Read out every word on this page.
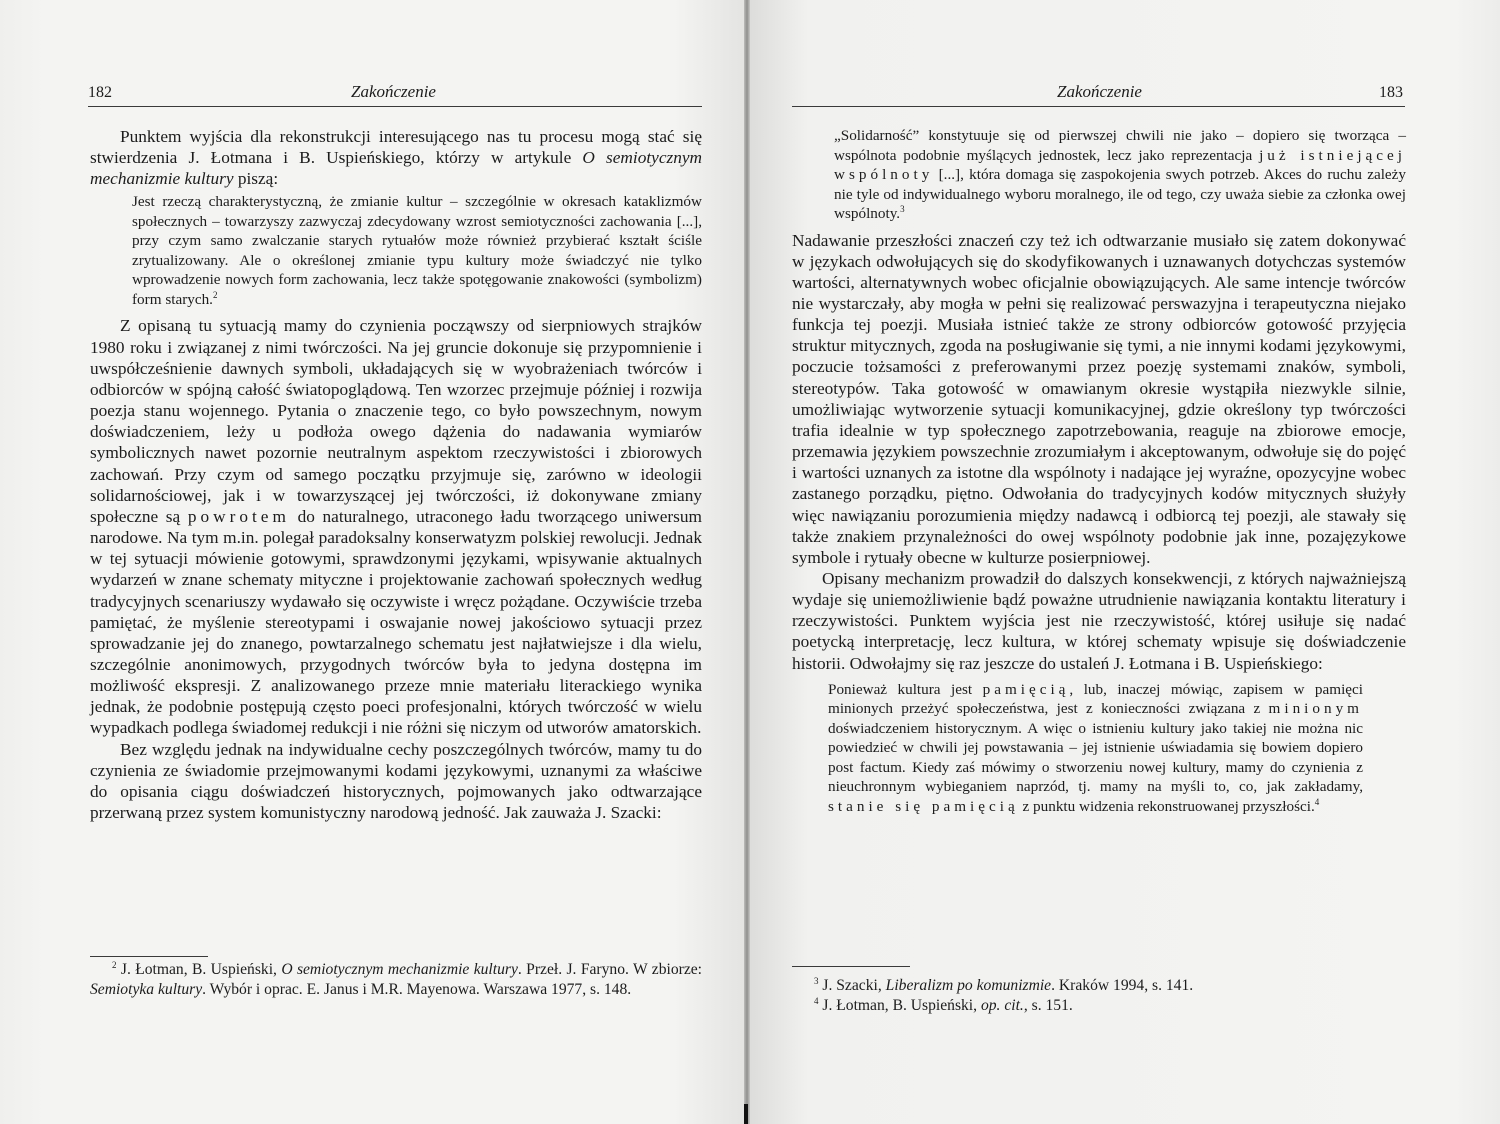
182	Zakończenie

Punktem wyjścia dla rekonstrukcji interesującego nas tu procesu mogą stać się stwierdzenia J. Łotmana i B. Uspieńskiego, którzy w artykule O semiotycznym mechanizmie kultury piszą:

Jest rzeczą charakterystyczną, że zmianie kultur – szczególnie w okresach kataklizmów społecznych – towarzyszy zazwyczaj zdecydowany wzrost semiotyczności zachowania [...], przy czym samo zwalczanie starych rytuałów może również przybierać kształt ściśle zrytualizowany. Ale o określonej zmianie typu kultury może świadczyć nie tylko wprowadzenie nowych form zachowania, lecz także spotęgowanie znakowości (symbolizm) form starych.$^2$

Z opisaną tu sytuacją mamy do czynienia począwszy od sierpniowych strajków 1980 roku i związanej z nimi twórczości. Na jej gruncie dokonuje się przypomnienie i uwspółcześnienie dawnych symboli, układających się w wyobrażeniach twórców i odbiorców w spójną całość światopoglądową. Ten wzorzec przejmuje później i rozwija poezja stanu wojennego. Pytania o znaczenie tego, co było powszechnym, nowym doświadczeniem, leży u podłoża owego dążenia do nadawania wymiarów symbolicznych nawet pozornie neutralnym aspektom rzeczywistości i zbiorowych zachowań. Przy czym od samego początku przyjmuje się, zarówno w ideologii solidarnościowej, jak i w towarzyszącej jej twórczości, iż dokonywane zmiany społeczne są powrotem do naturalnego, utraconego ładu tworzącego uniwersum narodowe. Na tym m.in. polegał paradoksalny konserwatyzm polskiej rewolucji. Jednak w tej sytuacji mówienie gotowymi, sprawdzonymi językami, wpisywanie aktualnych wydarzeń w znane schematy mityczne i projektowanie zachowań społecznych według tradycyjnych scenariuszy wydawało się oczywiste i wręcz pożądane. Oczywiście trzeba pamiętać, że myślenie stereotypami i oswajanie nowej jakościowo sytuacji przez sprowadzanie jej do znanego, powtarzalnego schematu jest najłatwiejsze i dla wielu, szczególnie anonimowych, przygodnych twórców była to jedyna dostępna im możliwość ekspresji. Z analizowanego przeze mnie materiału literackiego wynika jednak, że podobnie postępują często poeci profesjonalni, których twórczość w wielu wypadkach podlega świadomej redukcji i nie różni się niczym od utworów amatorskich.

Bez względu jednak na indywidualne cechy poszczególnych twórców, mamy tu do czynienia ze świadomie przejmowanymi kodami językowymi, uznanymi za właściwe do opisania ciągu doświadczeń historycznych, pojmowanych jako odtwarzające przerwaną przez system komunistyczny narodową jedność. Jak zauważa J. Szacki:

$^2$ J. Łotman, B. Uspieński, O semiotycznym mechanizmie kultury. Przeł. J. Faryno. W zbiorze: Semiotyka kultury. Wybór i oprac. E. Janus i M.R. Mayenowa. Warszawa 1977, s. 148.

Zakończenie	183
„Solidarność” konstytuuje się od pierwszej chwili nie jako – dopiero się tworząca – wspólnota podobnie myślących jednostek, lecz jako reprezentacja już istniejącej wspólnoty [...], która domaga się zaspokojenia swych potrzeb. Akces do ruchu zależy nie tyle od indywidualnego wyboru moralnego, ile od tego, czy uważa siebie za członka owej wspólnoty.$^3$

Nadawanie przeszłości znaczeń czy też ich odtwarzanie musiało się zatem dokonywać w językach odwołujących się do skodyfikowanych i uznawanych dotychczas systemów wartości, alternatywnych wobec oficjalnie obowiązujących. Ale same intencje twórców nie wystarczały, aby mogła w pełni się realizować perswazyjna i terapeutyczna niejako funkcja tej poezji. Musiała istnieć także ze strony odbiorców gotowość przyjęcia struktur mitycznych, zgoda na posługiwanie się tymi, a nie innymi kodami językowymi, poczucie tożsamości z preferowanymi przez poezję systemami znaków, symboli, stereotypów. Taka gotowość w omawianym okresie wystąpiła niezwykle silnie, umożliwiając wytworzenie sytuacji komunikacyjnej, gdzie określony typ twórczości trafia idealnie w typ społecznego zapotrzebowania, reaguje na zbiorowe emocje, przemawia językiem powszechnie zrozumiałym i akceptowanym, odwołuje się do pojęć i wartości uznanych za istotne dla wspólnoty i nadające jej wyraźne, opozycyjne wobec zastanego porządku, piętno. Odwołania do tradycyjnych kodów mitycznych służyły więc nawiązaniu porozumienia między nadawcą i odbiorcą tej poezji, ale stawały się także znakiem przynależności do owej wspólnoty podobnie jak inne, pozajęzykowe symbole i rytuały obecne w kulturze posierpniowej.

Opisany mechanizm prowadził do dalszych konsekwencji, z których najważniejszą wydaje się uniemożliwienie bądź poważne utrudnienie nawiązania kontaktu literatury i rzeczywistości. Punktem wyjścia jest nie rzeczywistość, której usiłuje się nadać poetycką interpretację, lecz kultura, w której schematy wpisuje się doświadczenie historii. Odwołajmy się raz jeszcze do ustaleń J. Łotmana i B. Uspieńskiego:

Ponieważ kultura jest pamięcią, lub, inaczej mówiąc, zapisem w pamięci minionych przeżyć społeczeństwa, jest z konieczności związana z minionym doświadczeniem historycznym. A więc o istnieniu kultury jako takiej nie można nic powiedzieć w chwili jej powstawania – jej istnienie uświadamia się bowiem dopiero post factum. Kiedy zaś mówimy o stworzeniu nowej kultury, mamy do czynienia z nieuchronnym wybieganiem naprzód, tj. mamy na myśli to, co, jak zakładamy, stanie się pamięcią z punktu widzenia rekonstruowanej przyszłości.$^4$

$^3$ J. Szacki, Liberalizm po komunizmie. Kraków 1994, s. 141.

$^4$ J. Łotman, B. Uspieński, op. cit., s. 151.
